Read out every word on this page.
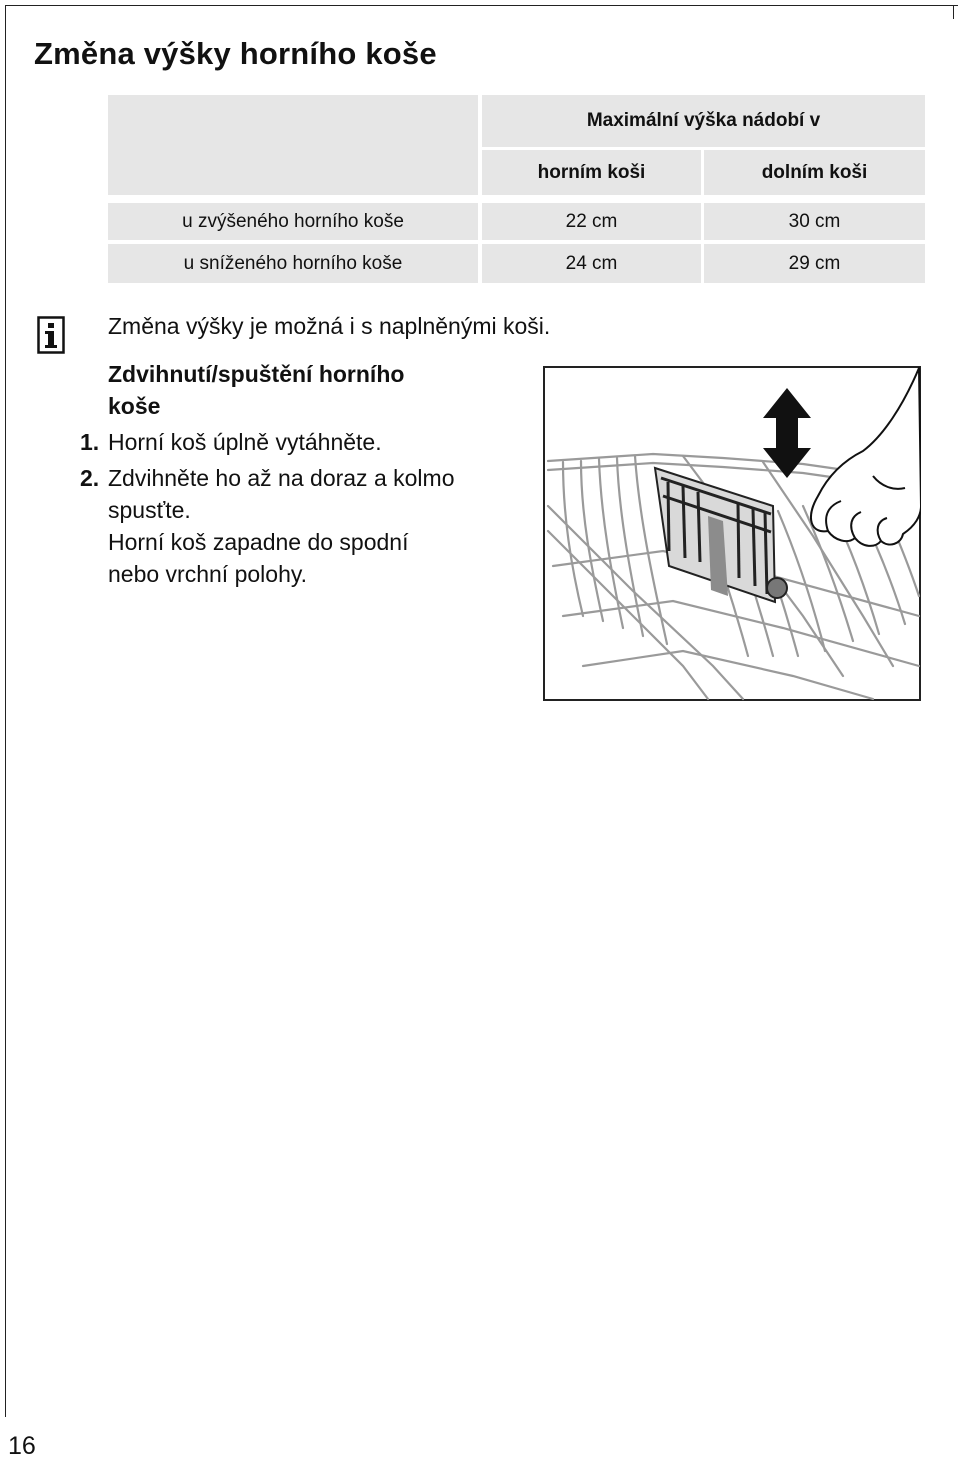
Změna výšky horního koše
Maximální výška nádobí v
horním koši	dolním koši
u zvýšeného horního koše	22 cm	30 cm
u sníženého horního koše	24 cm	29 cm
Změna výšky je možná i s naplněnými koši.
Zdvihnutí/spuštění horního
koše
1. Horní koš úplně vytáhněte.
2. Zdvihněte ho až na doraz a kolmo
spusťte.
Horní koš zapadne do spodní
nebo vrchní polohy.
16
